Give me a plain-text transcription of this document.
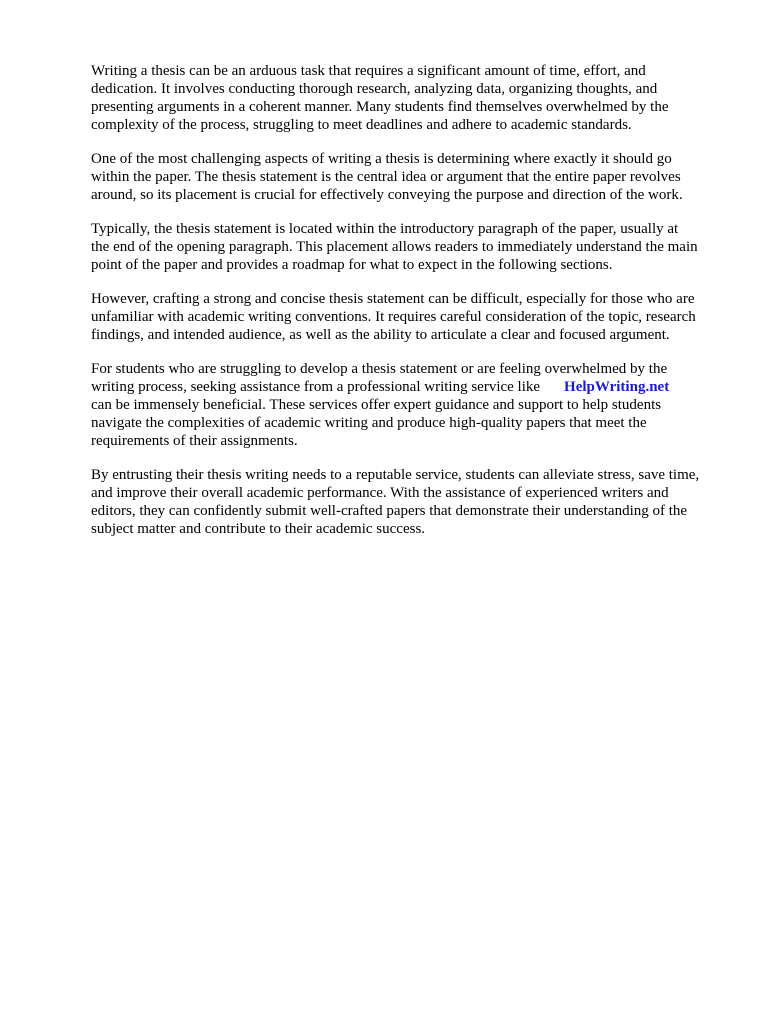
Writing a thesis can be an arduous task that requires a significant amount of time, effort, and
dedication. It involves conducting thorough research, analyzing data, organizing thoughts, and
presenting arguments in a coherent manner. Many students find themselves overwhelmed by the
complexity of the process, struggling to meet deadlines and adhere to academic standards.

One of the most challenging aspects of writing a thesis is determining where exactly it should go
within the paper. The thesis statement is the central idea or argument that the entire paper revolves
around, so its placement is crucial for effectively conveying the purpose and direction of the work.

Typically, the thesis statement is located within the introductory paragraph of the paper, usually at
the end of the opening paragraph. This placement allows readers to immediately understand the main
point of the paper and provides a roadmap for what to expect in the following sections.

However, crafting a strong and concise thesis statement can be difficult, especially for those who are
unfamiliar with academic writing conventions. It requires careful consideration of the topic, research
findings, and intended audience, as well as the ability to articulate a clear and focused argument.

For students who are struggling to develop a thesis statement or are feeling overwhelmed by the
writing process, seeking assistance from a professional writing service like HelpWriting.net
can be immensely beneficial. These services offer expert guidance and support to help students
navigate the complexities of academic writing and produce high-quality papers that meet the
requirements of their assignments.

By entrusting their thesis writing needs to a reputable service, students can alleviate stress, save time,
and improve their overall academic performance. With the assistance of experienced writers and
editors, they can confidently submit well-crafted papers that demonstrate their understanding of the
subject matter and contribute to their academic success.
